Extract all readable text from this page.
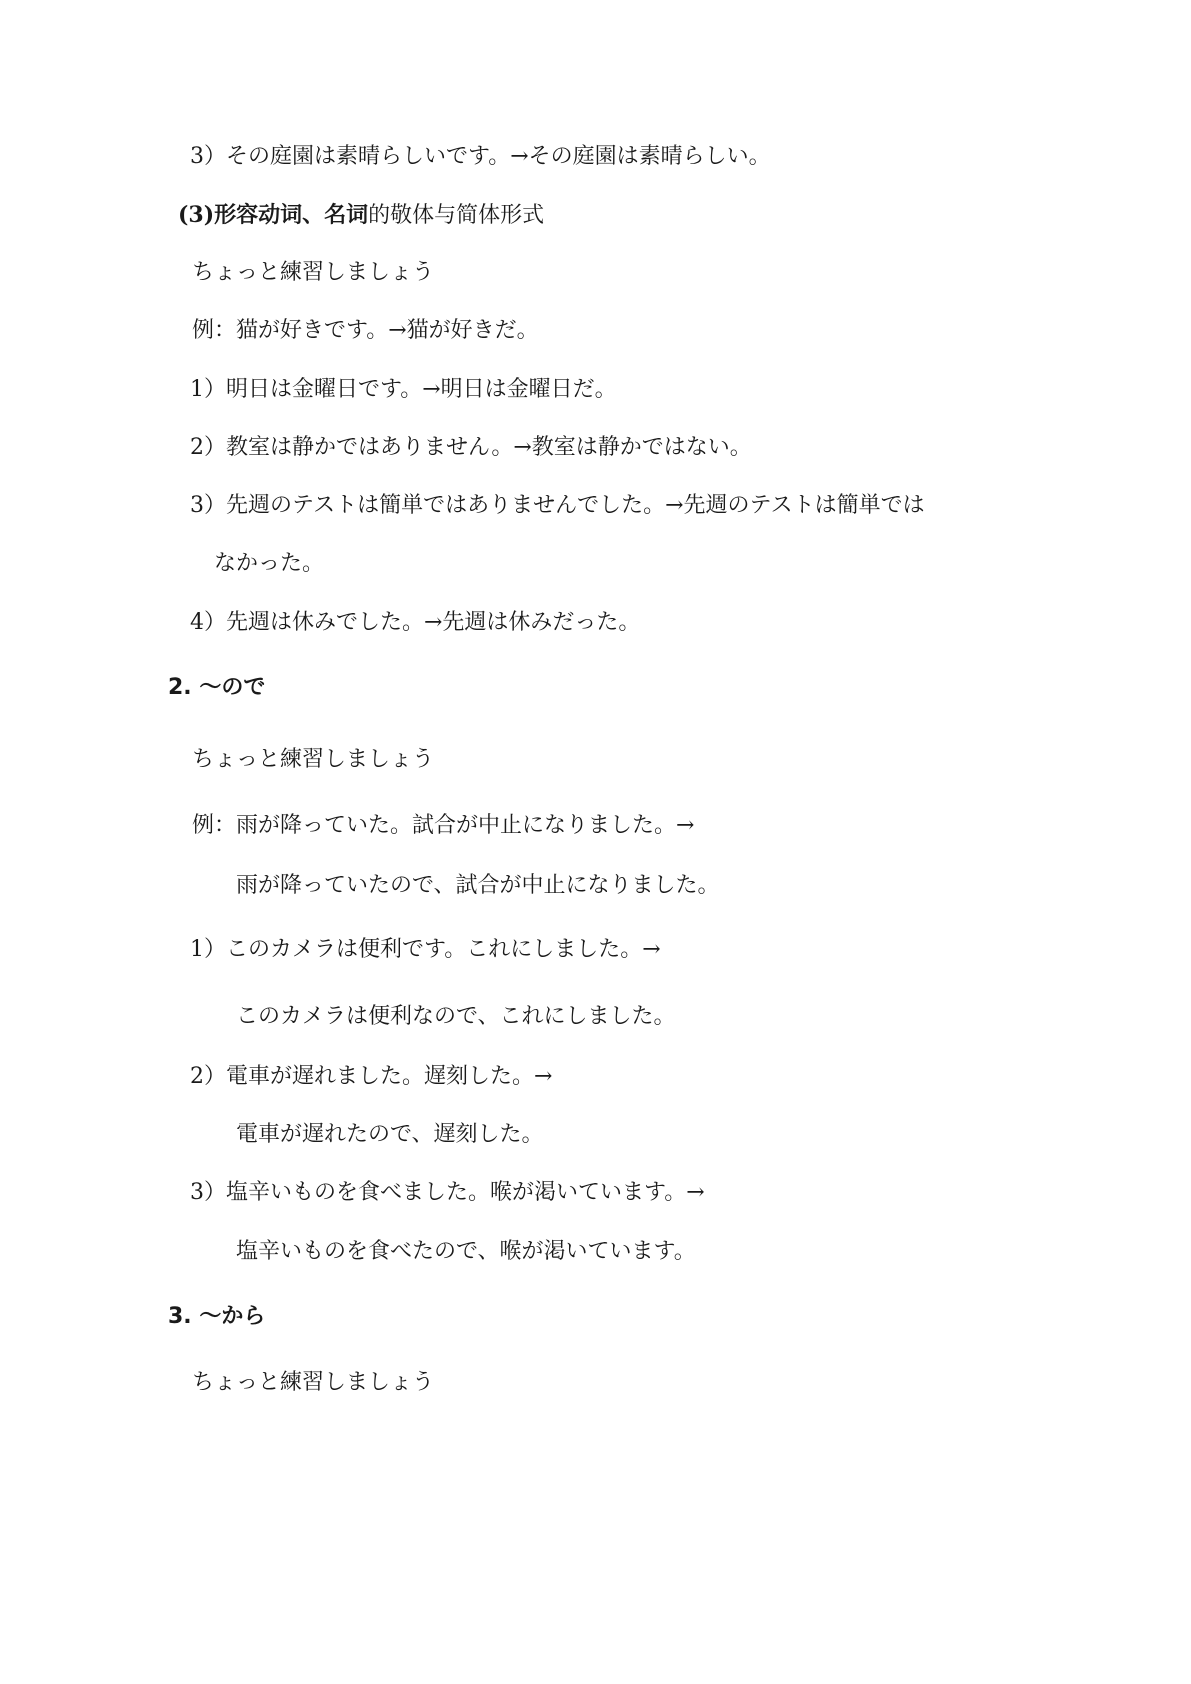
3）その庭園は素晴らしいです。→その庭園は素晴らしい。
(3)形容动词、名词的敬体与简体形式
ちょっと練習しましょう
例：猫が好きです。→猫が好きだ。
1）明日は金曜日です。→明日は金曜日だ。
2）教室は静かではありません。→教室は静かではない。
3）先週のテストは簡単ではありませんでした。→先週のテストは簡単では
なかった。
4）先週は休みでした。→先週は休みだった。
2. ～ので
ちょっと練習しましょう
例：雨が降っていた。試合が中止になりました。→
雨が降っていたので、試合が中止になりました。
1）このカメラは便利です。これにしました。→
このカメラは便利なので、これにしました。
2）電車が遅れました。遅刻した。→
電車が遅れたので、遅刻した。
3）塩辛いものを食べました。喉が渇いています。→
塩辛いものを食べたので、喉が渇いています。
3. ～から
ちょっと練習しましょう
